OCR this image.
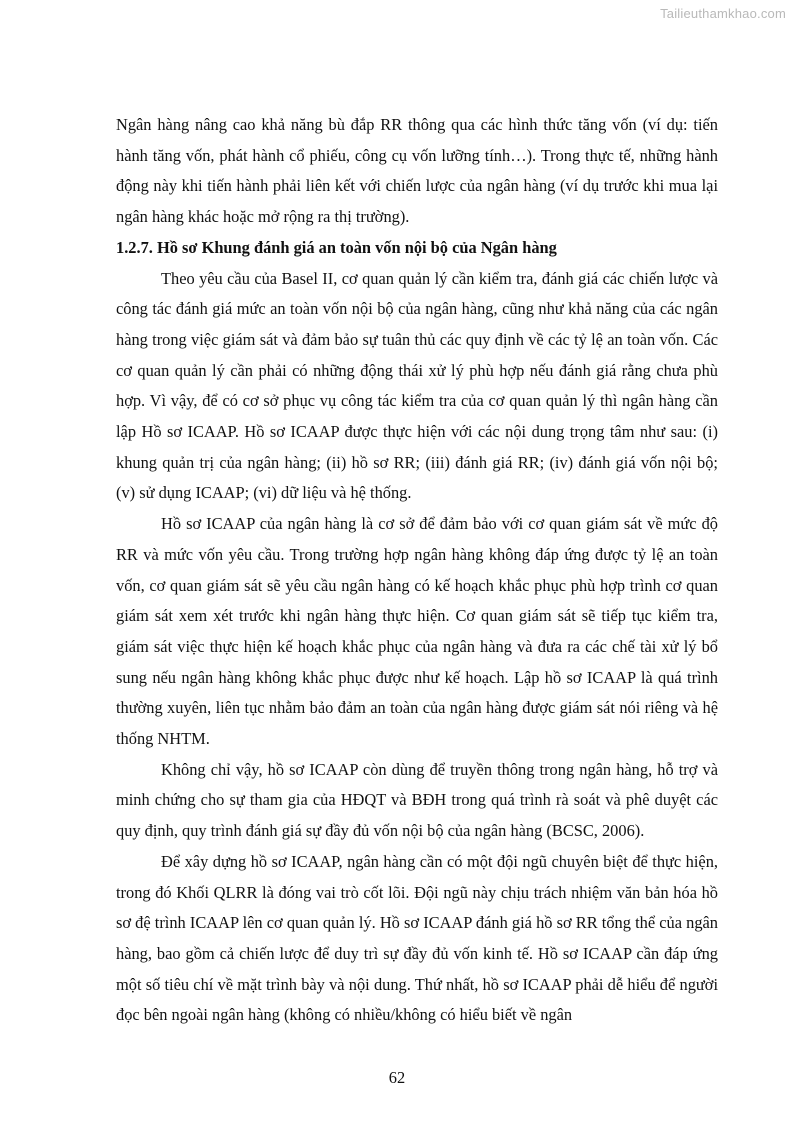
Tailieuthamkhao.com

Ngân hàng nâng cao khả năng bù đắp RR thông qua các hình thức tăng vốn (ví dụ: tiến hành tăng vốn, phát hành cổ phiếu, công cụ vốn lưỡng tính…). Trong thực tế, những hành động này khi tiến hành phải liên kết với chiến lược của ngân hàng (ví dụ trước khi mua lại ngân hàng khác hoặc mở rộng ra thị trường).

1.2.7. Hồ sơ Khung đánh giá an toàn vốn nội bộ của Ngân hàng

Theo yêu cầu của Basel II, cơ quan quản lý cần kiểm tra, đánh giá các chiến lược và công tác đánh giá mức an toàn vốn nội bộ của ngân hàng, cũng như khả năng của các ngân hàng trong việc giám sát và đảm bảo sự tuân thủ các quy định về các tỷ lệ an toàn vốn. Các cơ quan quản lý cần phải có những động thái xử lý phù hợp nếu đánh giá rằng chưa phù hợp. Vì vậy, để có cơ sở phục vụ công tác kiểm tra của cơ quan quản lý thì ngân hàng cần lập Hồ sơ ICAAP. Hồ sơ ICAAP được thực hiện với các nội dung trọng tâm như sau: (i) khung quản trị của ngân hàng; (ii) hồ sơ RR; (iii) đánh giá RR; (iv) đánh giá vốn nội bộ; (v) sử dụng ICAAP; (vi) dữ liệu và hệ thống.

Hồ sơ ICAAP của ngân hàng là cơ sở để đảm bảo với cơ quan giám sát về mức độ RR và mức vốn yêu cầu. Trong trường hợp ngân hàng không đáp ứng được tỷ lệ an toàn vốn, cơ quan giám sát sẽ yêu cầu ngân hàng có kế hoạch khắc phục phù hợp trình cơ quan giám sát xem xét trước khi ngân hàng thực hiện. Cơ quan giám sát sẽ tiếp tục kiểm tra, giám sát việc thực hiện kế hoạch khắc phục của ngân hàng và đưa ra các chế tài xử lý bổ sung nếu ngân hàng không khắc phục được như kế hoạch. Lập hồ sơ ICAAP là quá trình thường xuyên, liên tục nhằm bảo đảm an toàn của ngân hàng được giám sát nói riêng và hệ thống NHTM.

Không chỉ vậy, hồ sơ ICAAP còn dùng để truyền thông trong ngân hàng, hỗ trợ và minh chứng cho sự tham gia của HĐQT và BĐH trong quá trình rà soát và phê duyệt các quy định, quy trình đánh giá sự đầy đủ vốn nội bộ của ngân hàng (BCSC, 2006).

Để xây dựng hồ sơ ICAAP, ngân hàng cần có một đội ngũ chuyên biệt để thực hiện, trong đó Khối QLRR là đóng vai trò cốt lõi. Đội ngũ này chịu trách nhiệm văn bản hóa hồ sơ đệ trình ICAAP lên cơ quan quản lý. Hồ sơ ICAAP đánh giá hồ sơ RR tổng thể của ngân hàng, bao gồm cả chiến lược để duy trì sự đầy đủ vốn kinh tế. Hồ sơ ICAAP cần đáp ứng một số tiêu chí về mặt trình bày và nội dung. Thứ nhất, hồ sơ ICAAP phải dễ hiểu để người đọc bên ngoài ngân hàng (không có nhiều/không có hiểu biết về ngân

62
